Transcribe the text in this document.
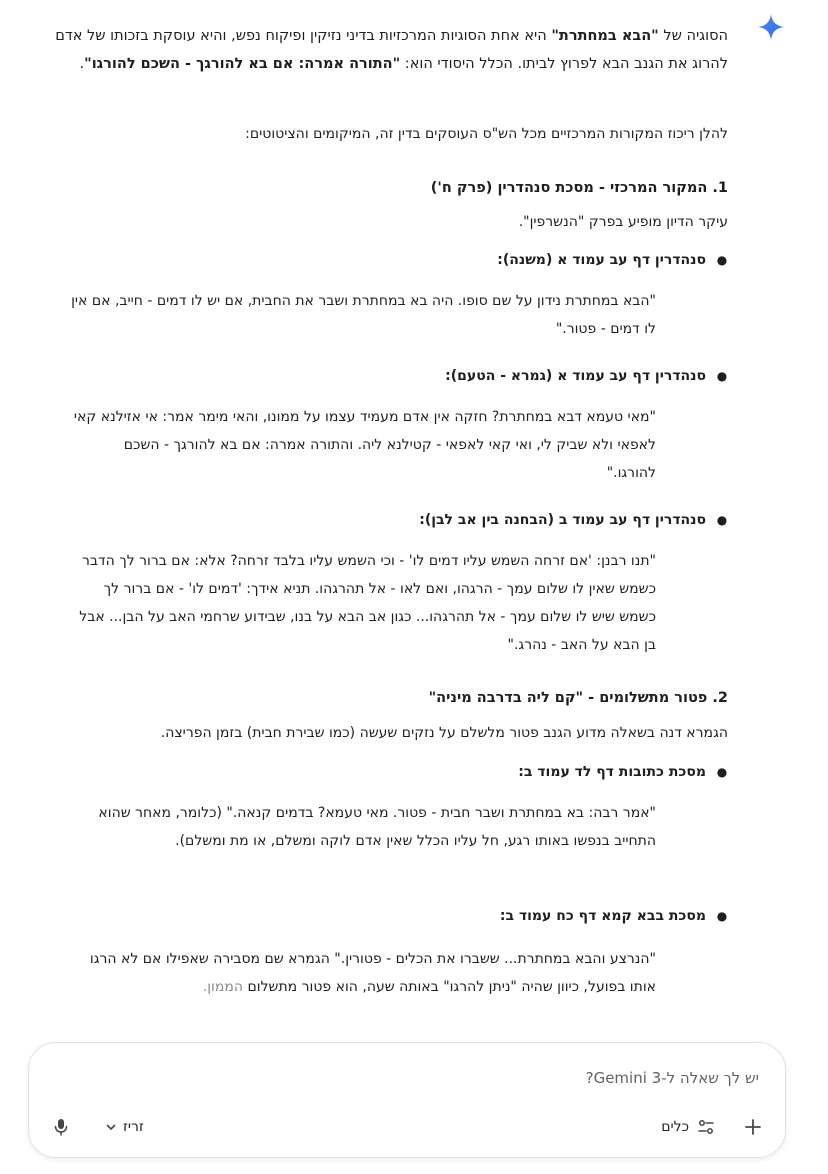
הסוגיה של "הבא במחתרת" היא אחת הסוגיות המרכזיות בדיני נזיקין ופיקוח נפש, והיא עוסקת בזכותו של אדם להרוג את הגנב הבא לפרוץ לביתו. הכלל היסודי הוא: "התורה אמרה: אם בא להורגך - השכם להורגו".

להלן ריכוז המקורות המרכזיים מכל הש"ס העוסקים בדין זה, המיקומים והציטוטים:

1. המקור המרכזי - מסכת סנהדרין (פרק ח')

עיקר הדיון מופיע בפרק "הנשרפין".

●
סנהדרין דף עב עמוד א (משנה):

"הבא במחתרת נידון על שם סופו. היה בא במחתרת ושבר את החבית, אם יש לו דמים - חייב, אם אין לו דמים - פטור."

●
סנהדרין דף עב עמוד א (גמרא - הטעם):

"מאי טעמא דבא במחתרת? חזקה אין אדם מעמיד עצמו על ממונו, והאי מימר אמר: אי אזילנא קאי לאפאי ולא שביק לי, ואי קאי לאפאי - קטילנא ליה. והתורה אמרה: אם בא להורגך - השכם להורגו."

●
סנהדרין דף עב עמוד ב (הבחנה בין אב לבן):

"תנו רבנן: 'אם זרחה השמש עליו דמים לו' - וכי השמש עליו בלבד זרחה? אלא: אם ברור לך הדבר כשמש שאין לו שלום עמך - הרגהו, ואם לאו - אל תהרגהו. תניא אידך: 'דמים לו' - אם ברור לך כשמש שיש לו שלום עמך - אל תהרגהו... כגון אב הבא על בנו, שבידוע שרחמי האב על הבן... אבל בן הבא על האב - נהרג."

2. פטור מתשלומים - "קם ליה בדרבה מיניה"

הגמרא דנה בשאלה מדוע הגנב פטור מלשלם על נזקים שעשה (כמו שבירת חבית) בזמן הפריצה.

●
מסכת כתובות דף לד עמוד ב:

"אמר רבה: בא במחתרת ושבר חבית - פטור. מאי טעמא? בדמים קנאה." (כלומר, מאחר שהוא התחייב בנפשו באותו רגע, חל עליו הכלל שאין אדם לוקה ומשלם, או מת ומשלם).

●
מסכת בבא קמא דף כח עמוד ב:

"הנרצע והבא במחתרת... ששברו את הכלים - פטורין." הגמרא שם מסבירה שאפילו אם לא הרגו אותו בפועל, כיוון שהיה "ניתן להרגו" באותה שעה, הוא פטור מתשלום הממון.

יש לך שאלה ל-Gemini 3?
כלים
זריז
